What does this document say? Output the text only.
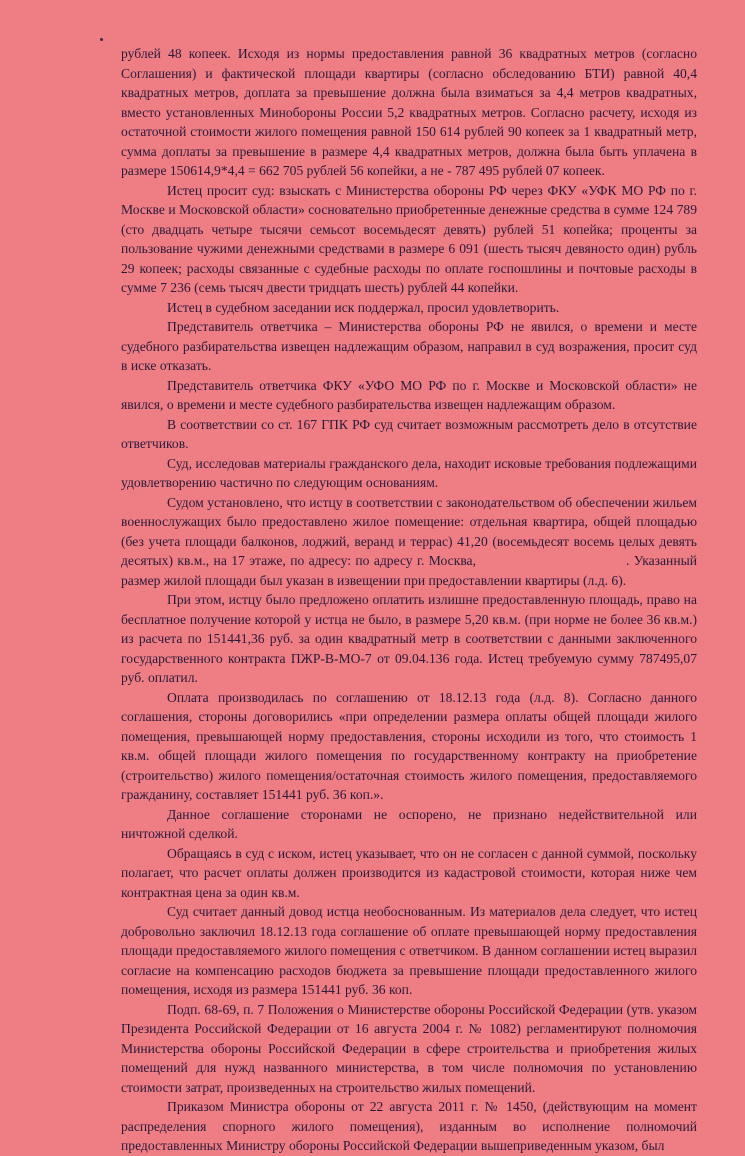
рублей 48 копеек. Исходя из нормы предоставления равной 36 квадратных метров (согласно Соглашения) и фактической площади квартиры (согласно обследованию БТИ) равной 40,4 квадратных метров, доплата за превышение должна была взиматься за 4,4 метров квадратных, вместо установленных Минобороны России 5,2 квадратных метров. Согласно расчету, исходя из остаточной стоимости жилого помещения равной 150 614 рублей 90 копеек за 1 квадратный метр, сумма доплаты за превышение в размере 4,4 квадратных метров, должна была быть уплачена в размере 150614,9*4,4 = 662 705 рублей 56 копейки, а не - 787 495 рублей 07 копеек.

Истец просит суд: взыскать с Министерства обороны РФ через ФКУ «УФК МО РФ по г. Москве и Московской области» сосновательно приобретенные денежные средства в сумме 124 789 (сто двадцать четыре тысячи семьсот восемьдесят девять) рублей 51 копейка; проценты за пользование чужими денежными средствами в размере 6 091 (шесть тысяч девяносто один) рубль 29 копеек; расходы связанные с судебные расходы по оплате госпошлины и почтовые расходы в сумме 7 236 (семь тысяч двести тридцать шесть) рублей 44 копейки.

Истец в судебном заседании иск поддержал, просил удовлетворить.

Представитель ответчика – Министерства обороны РФ не явился, о времени и месте судебного разбирательства извещен надлежащим образом, направил в суд возражения, просит суд в иске отказать.

Представитель ответчика ФКУ «УФО МО РФ по г. Москве и Московской области» не явился, о времени и месте судебного разбирательства извещен надлежащим образом.

В соответствии со ст. 167 ГПК РФ суд считает возможным рассмотреть дело в отсутствие ответчиков.

Суд, исследовав материалы гражданского дела, находит исковые требования подлежащими удовлетворению частично по следующим основаниям.

Судом установлено, что истцу в соответствии с законодательством об обеспечении жильем военнослужащих было предоставлено жилое помещение: отдельная квартира, общей площадью (без учета площади балконов, лоджий, веранд и террас) 41,20 (восемьдесят восемь целых девять десятых) кв.м., на 17 этаже, по адресу: по адресу г. Москва,	. Указанный размер жилой площади был указан в извещении при предоставлении квартиры (л.д. 6).

При этом, истцу было предложено оплатить излишне предоставленную площадь, право на бесплатное получение которой у истца не было, в размере 5,20 кв.м. (при норме не более 36 кв.м.) из расчета по 151441,36 руб. за один квадратный метр в соответствии с данными заключенного государственного контракта ПЖР-В-МО-7 от 09.04.136 года. Истец требуемую сумму 787495,07 руб. оплатил.

Оплата производилась по соглашению от 18.12.13 года (л.д. 8). Согласно данного соглашения, стороны договорились «при определении размера оплаты общей площади жилого помещения, превышающей норму предоставления, стороны исходили из того, что стоимость 1 кв.м. общей площади жилого помещения по государственному контракту на приобретение (строительство) жилого помещения/остаточная стоимость жилого помещения, предоставляемого гражданину, составляет 151441 руб. 36 коп.».

Данное соглашение сторонами не оспорено, не признано недействительной или ничтожной сделкой.

Обращаясь в суд с иском, истец указывает, что он не согласен с данной суммой, поскольку полагает, что расчет оплаты должен производится из кадастровой стоимости, которая ниже чем контрактная цена за один кв.м.

Суд считает данный довод истца необоснованным. Из материалов дела следует, что истец добровольно заключил 18.12.13 года соглашение об оплате превышающей норму предоставления площади предоставляемого жилого помещения с ответчиком. В данном соглашении истец выразил согласие на компенсацию расходов бюджета за превышение площади предоставленного жилого помещения, исходя из размера 151441 руб. 36 коп.

Подп. 68-69, п. 7 Положения о Министерстве обороны Российской Федерации (утв. указом Президента Российской Федерации от 16 августа 2004 г. № 1082) регламентируют полномочия Министерства обороны Российской Федерации в сфере строительства и приобретения жилых помещений для нужд названного министерства, в том числе полномочия по установлению стоимости затрат, произведенных на строительство жилых помещений.

Приказом Министра обороны от 22 августа 2011 г. № 1450, (действующим на момент распределения спорного жилого помещения), изданным во исполнение полномочий предоставленных Министру обороны Российской Федерации вышеприведенным указом, был
